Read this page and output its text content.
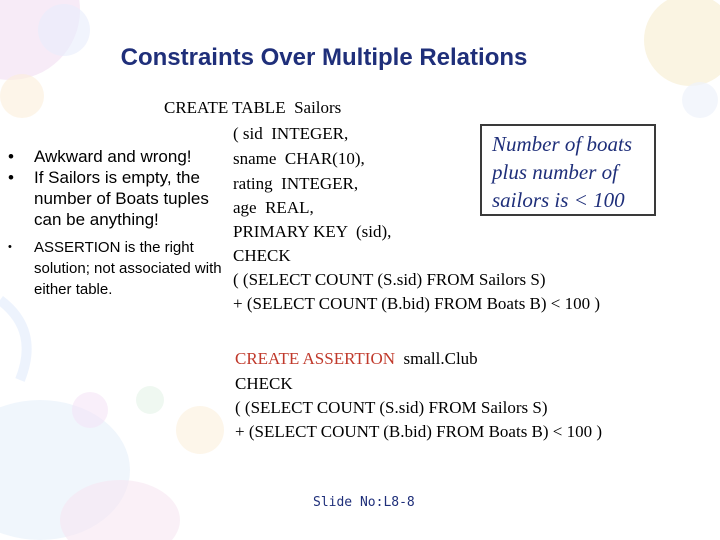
Constraints Over Multiple Relations
• Awkward and wrong!
• If Sailors is empty, the number of Boats tuples can be anything!
• ASSERTION is the right solution; not associated with either table.
CREATE TABLE  Sailors
( sid  INTEGER,
sname  CHAR(10),
rating  INTEGER,
age  REAL,
PRIMARY KEY  (sid),
CHECK
( (SELECT COUNT (S.sid) FROM Sailors S)
+ (SELECT COUNT (B.bid) FROM Boats B) < 100 )
Number of boats
plus number of
sailors is < 100
CREATE ASSERTION small.Club
CHECK
( (SELECT COUNT (S.sid) FROM Sailors S)
+ (SELECT COUNT (B.bid) FROM Boats B) < 100 )
Slide No:L8-8
